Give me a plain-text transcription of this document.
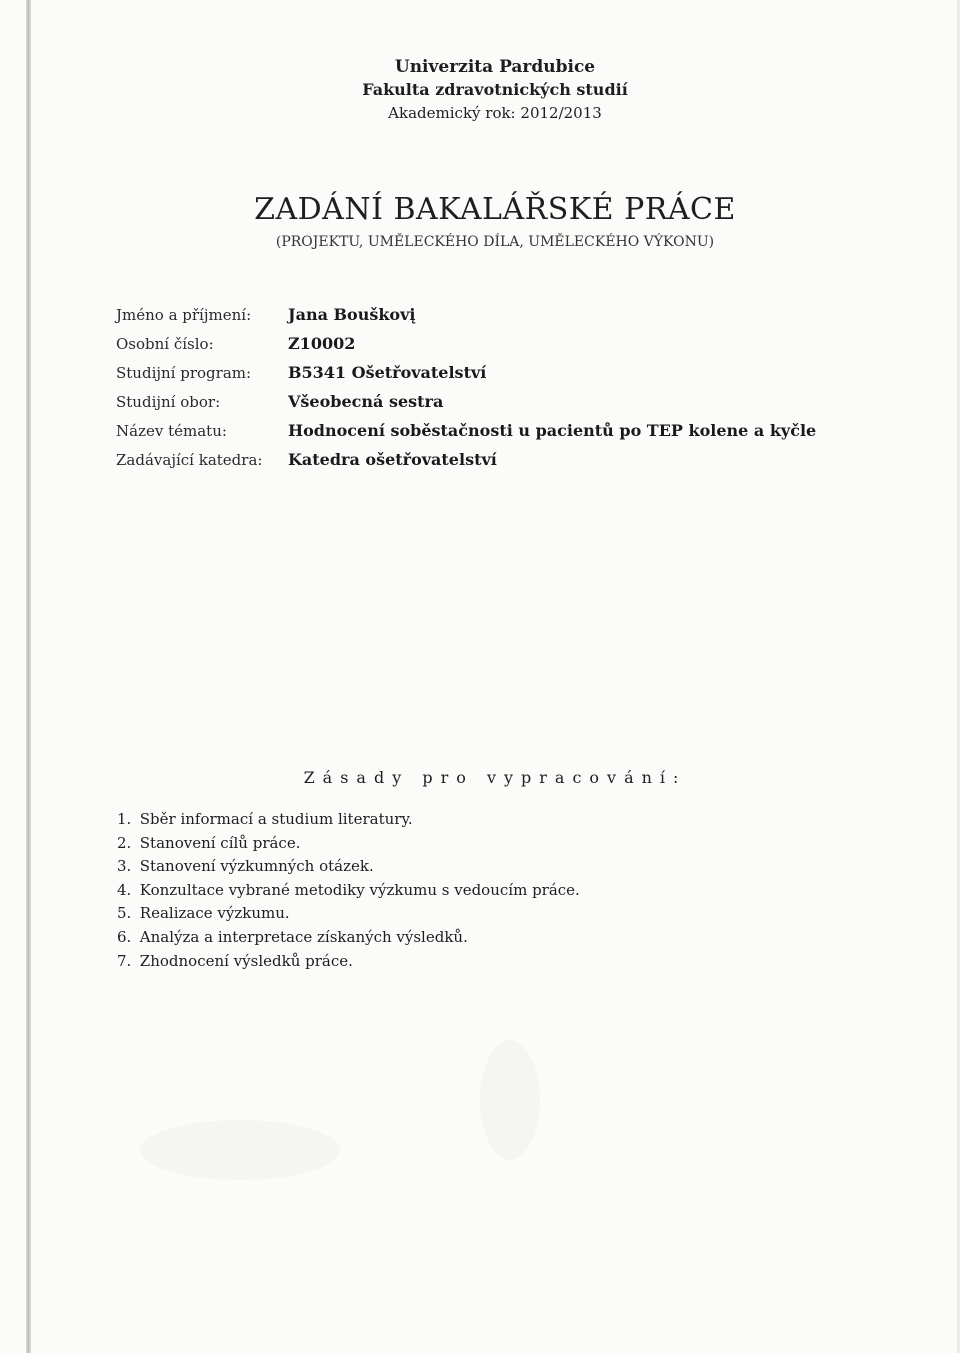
Univerzita Pardubice
Fakulta zdravotnických studií
Akademický rok: 2012/2013
ZADÁNÍ BAKALÁŘSKÉ PRÁCE
(PROJEKTU, UMĚLECKÉHO DÍLA, UMĚLECKÉHO VÝKONU)
Jméno a příjmení:	Jana Bouškovį
Osobní číslo:	Z10002
Studijní program:	B5341 Ošetřovatelství
Studijní obor:	Všeobecná sestra
Název tématu:	Hodnocení soběstačnosti u pacientů po TEP kolene a kyčle
Zadávající katedra:	Katedra ošetřovatelství
Zásady pro vypracování:
1. Sběr informací a studium literatury.
2. Stanovení cílů práce.
3. Stanovení výzkumných otázek.
4. Konzultace vybrané metodiky výzkumu s vedoucím práce.
5. Realizace výzkumu.
6. Analýza a interpretace získaných výsledků.
7. Zhodnocení výsledků práce.
